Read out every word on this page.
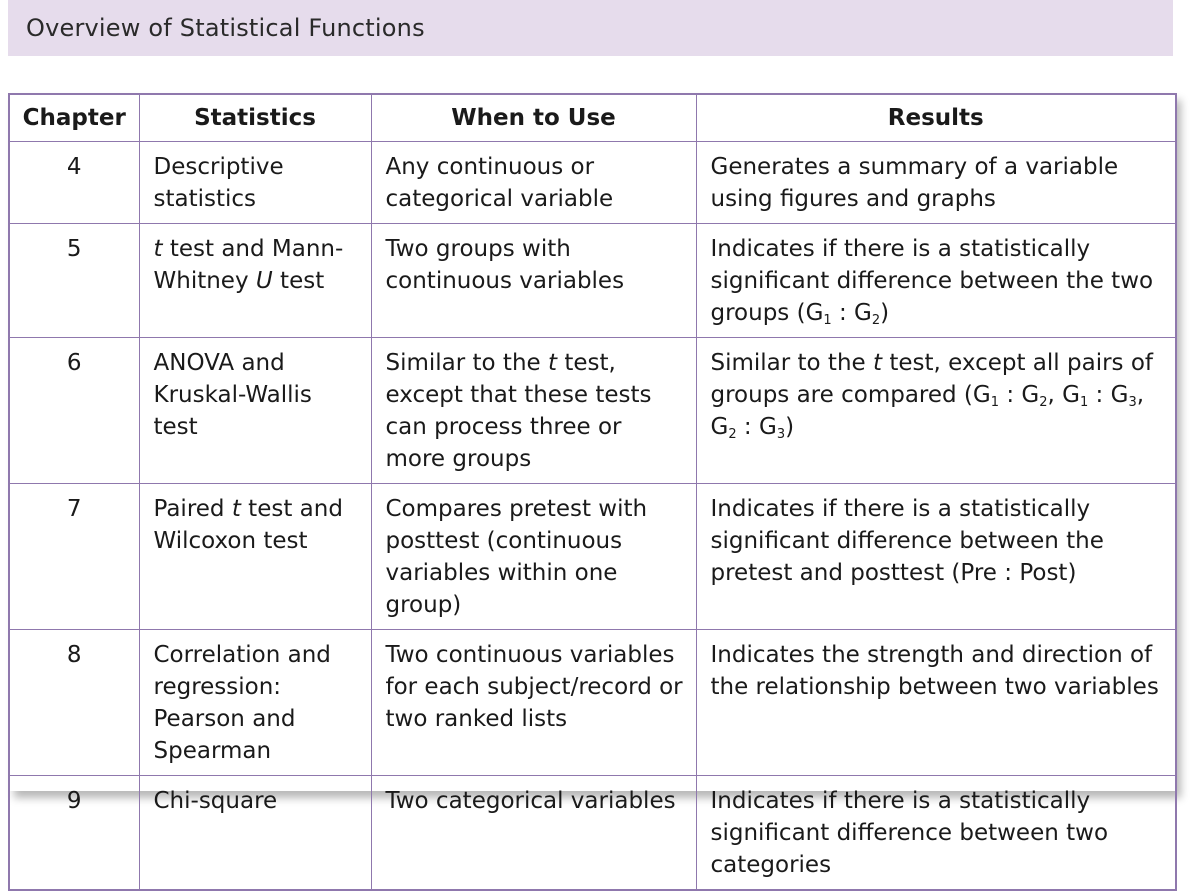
Overview of Statistical Functions
Chapter	Statistics	When to Use	Results
4	Descriptive statistics	Any continuous or categorical variable	Generates a summary of a variable using figures and graphs
5	t test and Mann-Whitney U test	Two groups with continuous variables	Indicates if there is a statistically significant difference between the two groups ($G_1$ : $G_2$)
6	ANOVA and Kruskal-Wallis test	Similar to the t test, except that these tests can process three or more groups	Similar to the t test, except all pairs of groups are compared ($G_1$ : $G_2$, $G_1$ : $G_3$, $G_2$ : $G_3$)
7	Paired t test and Wilcoxon test	Compares pretest with posttest (continuous variables within one group)	Indicates if there is a statistically significant difference between the pretest and posttest (Pre : Post)
8	Correlation and regression: Pearson and Spearman	Two continuous variables for each subject/record or two ranked lists	Indicates the strength and direction of the relationship between two variables
9	Chi-square	Two categorical variables	Indicates if there is a statistically significant difference between two categories
